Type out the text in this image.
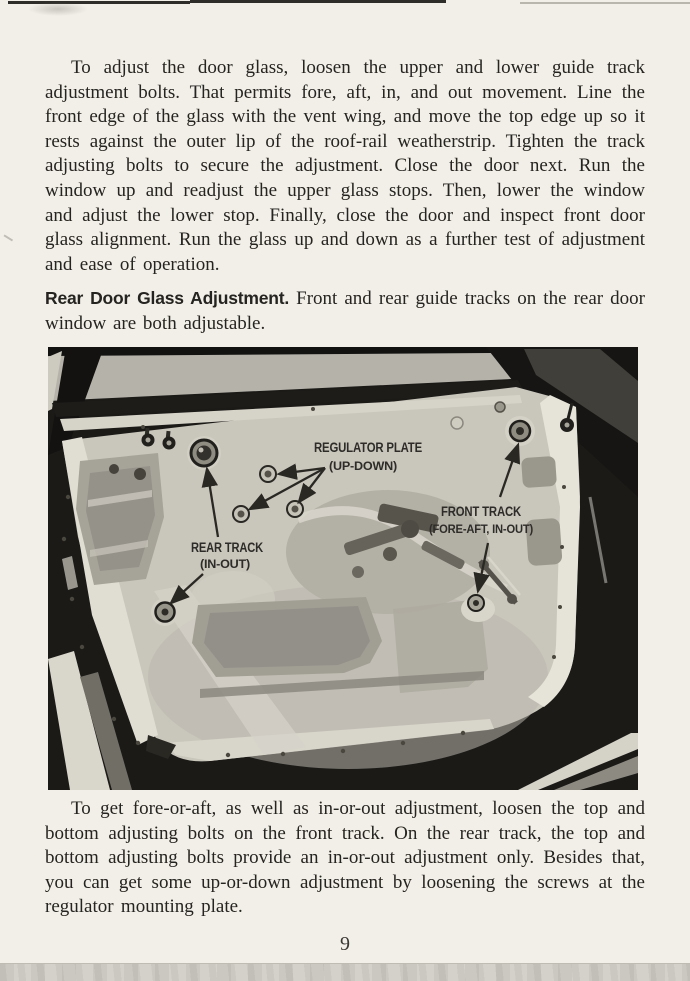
To adjust the door glass, loosen the upper and lower guide track adjustment bolts. That permits fore, aft, in, and out movement. Line the front edge of the glass with the vent wing, and move the top edge up so it rests against the outer lip of the roof-rail weatherstrip. Tighten the track adjusting bolts to secure the adjustment. Close the door next. Run the window up and readjust the upper glass stops. Then, lower the window and adjust the lower stop. Finally, close the door and inspect front door glass alignment. Run the glass up and down as a further test of adjustment and ease of operation.

Rear Door Glass Adjustment. Front and rear guide tracks on the rear door window are both adjustable.

REGULATOR PLATE
(UP-DOWN)
REAR TRACK
(IN-OUT)
FRONT TRACK
(FORE-AFT, IN-OUT)

To get fore-or-aft, as well as in-or-out adjustment, loosen the top and bottom adjusting bolts on the front track. On the rear track, the top and bottom adjusting bolts provide an in-or-out adjustment only. Besides that, you can get some up-or-down adjustment by loosening the screws at the regulator mounting plate.

9
